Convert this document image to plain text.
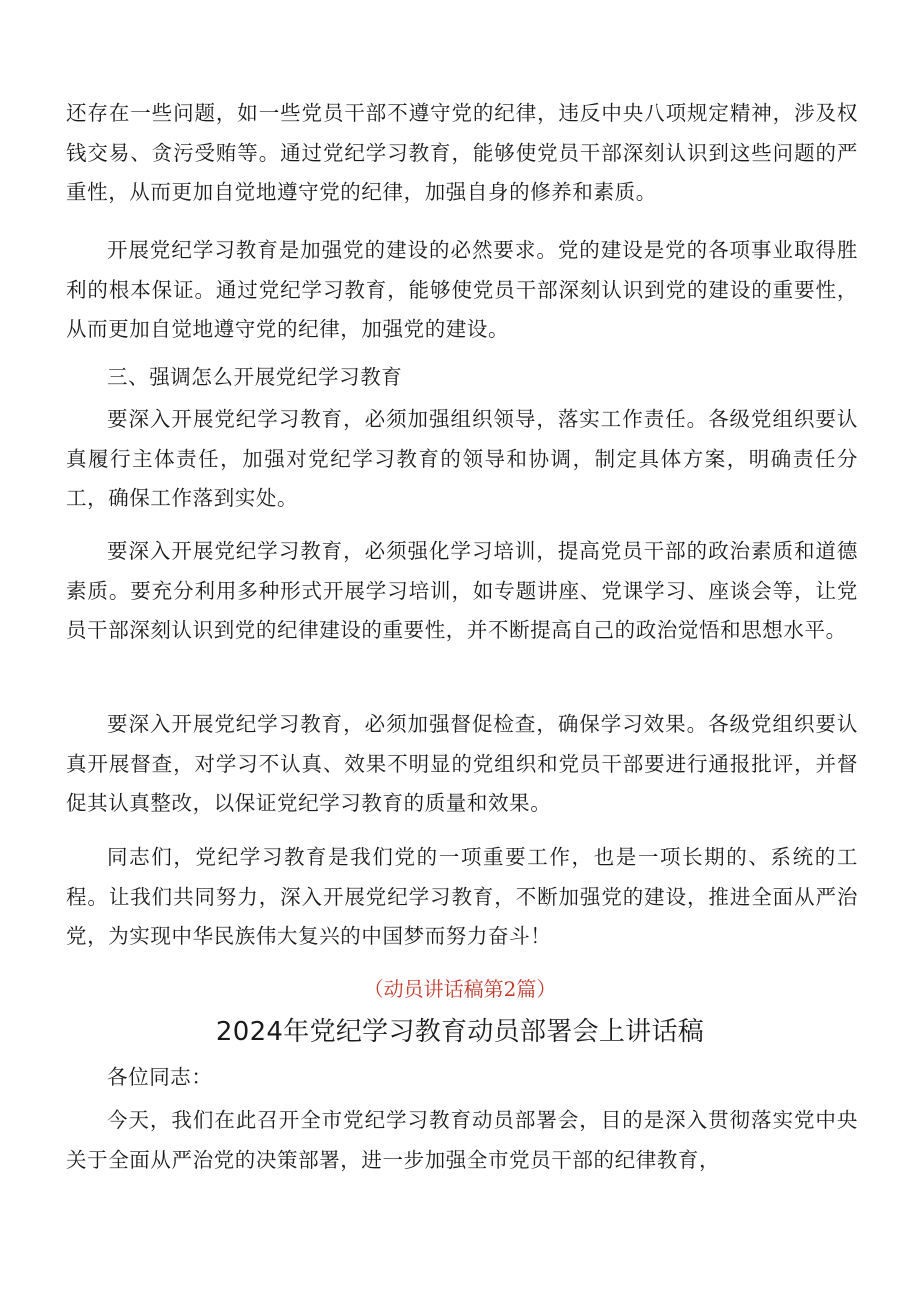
还存在一些问题，如一些党员干部不遵守党的纪律，违反中央八项规定精神，涉及权钱交易、贪污受贿等。通过党纪学习教育，能够使党员干部深刻认识到这些问题的严重性，从而更加自觉地遵守党的纪律，加强自身的修养和素质。

开展党纪学习教育是加强党的建设的必然要求。党的建设是党的各项事业取得胜利的根本保证。通过党纪学习教育，能够使党员干部深刻认识到党的建设的重要性，从而更加自觉地遵守党的纪律，加强党的建设。

三、强调怎么开展党纪学习教育

要深入开展党纪学习教育，必须加强组织领导，落实工作责任。各级党组织要认真履行主体责任，加强对党纪学习教育的领导和协调，制定具体方案，明确责任分工，确保工作落到实处。

要深入开展党纪学习教育，必须强化学习培训，提高党员干部的政治素质和道德素质。要充分利用多种形式开展学习培训，如专题讲座、党课学习、座谈会等，让党员干部深刻认识到党的纪律建设的重要性，并不断提高自己的政治觉悟和思想水平。

要深入开展党纪学习教育，必须加强督促检查，确保学习效果。各级党组织要认真开展督查，对学习不认真、效果不明显的党组织和党员干部要进行通报批评，并督促其认真整改，以保证党纪学习教育的质量和效果。

同志们，党纪学习教育是我们党的一项重要工作，也是一项长期的、系统的工程。让我们共同努力，深入开展党纪学习教育，不断加强党的建设，推进全面从严治党，为实现中华民族伟大复兴的中国梦而努力奋斗！

（动员讲话稿第2篇）

2024年党纪学习教育动员部署会上讲话稿

各位同志：

今天，我们在此召开全市党纪学习教育动员部署会，目的是深入贯彻落实党中央关于全面从严治党的决策部署，进一步加强全市党员干部的纪律教育，
